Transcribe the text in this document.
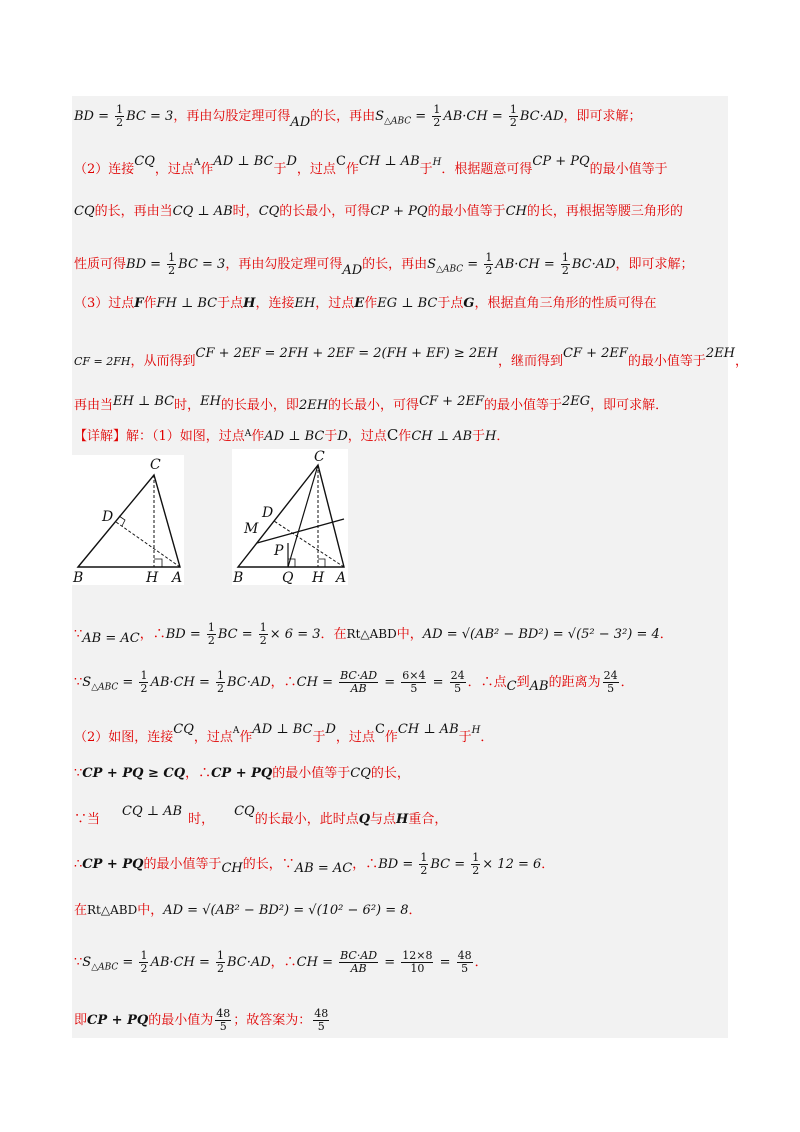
BD = $\frac{1}{2}$ BC = 3，再由勾股定理可得AD的长，再由$S_{\triangle ABC} = \frac{1}{2} AB\cdot CH = \frac{1}{2} BC\cdot AD$，即可求解；
（2）连接CQ，过点$^A$作AD ⊥ BC于D，过点C作CH ⊥ AB于$^H$．根据题意可得CP + PQ的最小值等于
CQ的长，再由当CQ ⊥ AB时，CQ的长最小，可得CP + PQ的最小值等于CH的长，再根据等腰三角形的
性质可得BD = $\frac{1}{2}$ BC = 3，再由勾股定理可得AD的长，再由$S_{\triangle ABC} = \frac{1}{2} AB\cdot CH = \frac{1}{2} BC\cdot AD$，即可求解；
（3）过点F作FH ⊥ BC于点H，连接EH，过点E作EG ⊥ BC于点G，根据直角三角形的性质可得在
CF = 2FH，从而得到CF + 2EF = 2FH + 2EF = 2(FH + EF) ≥ 2EH，继而得到CF + 2EF的最小值等于2EH，
再由当EH ⊥ BC时，EH的长最小，即2EH的长最小，可得CF + 2EF的最小值等于2EG，即可求解．
【详解】解：（1）如图，过点$^A$作AD ⊥ BC于D，过点C作CH ⊥ AB于H．
C
D
B	H A
C
D
M
P
B	Q H A
∵AB = AC，∴BD = $\frac{1}{2}$ BC = $\frac{1}{2} \times 6 = 3$．在Rt△ABD中，AD = √(AB² − BD²) = √(5² − 3²) = 4．
$\because S_{\triangle ABC} = \frac{1}{2} AB\cdot CH = \frac{1}{2} BC\cdot AD$，∴CH = $\frac{BC\cdot AD}{AB} = \frac{6\times 4}{5} = \frac{24}{5}$ ．∴点C到AB的距离为 $\frac{24}{5}$ ．
（2）如图，连接CQ，过点$^A$作AD ⊥ BC于D，过点C作CH ⊥ AB于$^H$．
∵CP + PQ ≥ CQ，∴CP + PQ的最小值等于CQ的长，
∵当CQ ⊥ AB时，CQ的长最小，此时点Q与点H重合，
∴CP + PQ的最小值等于CH的长，∵AB = AC，∴BD = $\frac{1}{2}$ BC = $\frac{1}{2} \times 12 = 6$．
在Rt△ABD中，AD = √(AB² − BD²) = √(10² − 6²) = 8．
$\because S_{\triangle ABC} = \frac{1}{2} AB\cdot CH = \frac{1}{2} BC\cdot AD$，∴CH = $\frac{BC\cdot AD}{AB} = \frac{12\times 8}{10} = \frac{48}{5}$ ．
即CP + PQ的最小值为 $\frac{48}{5}$ ；故答案为： $\frac{48}{5}$
